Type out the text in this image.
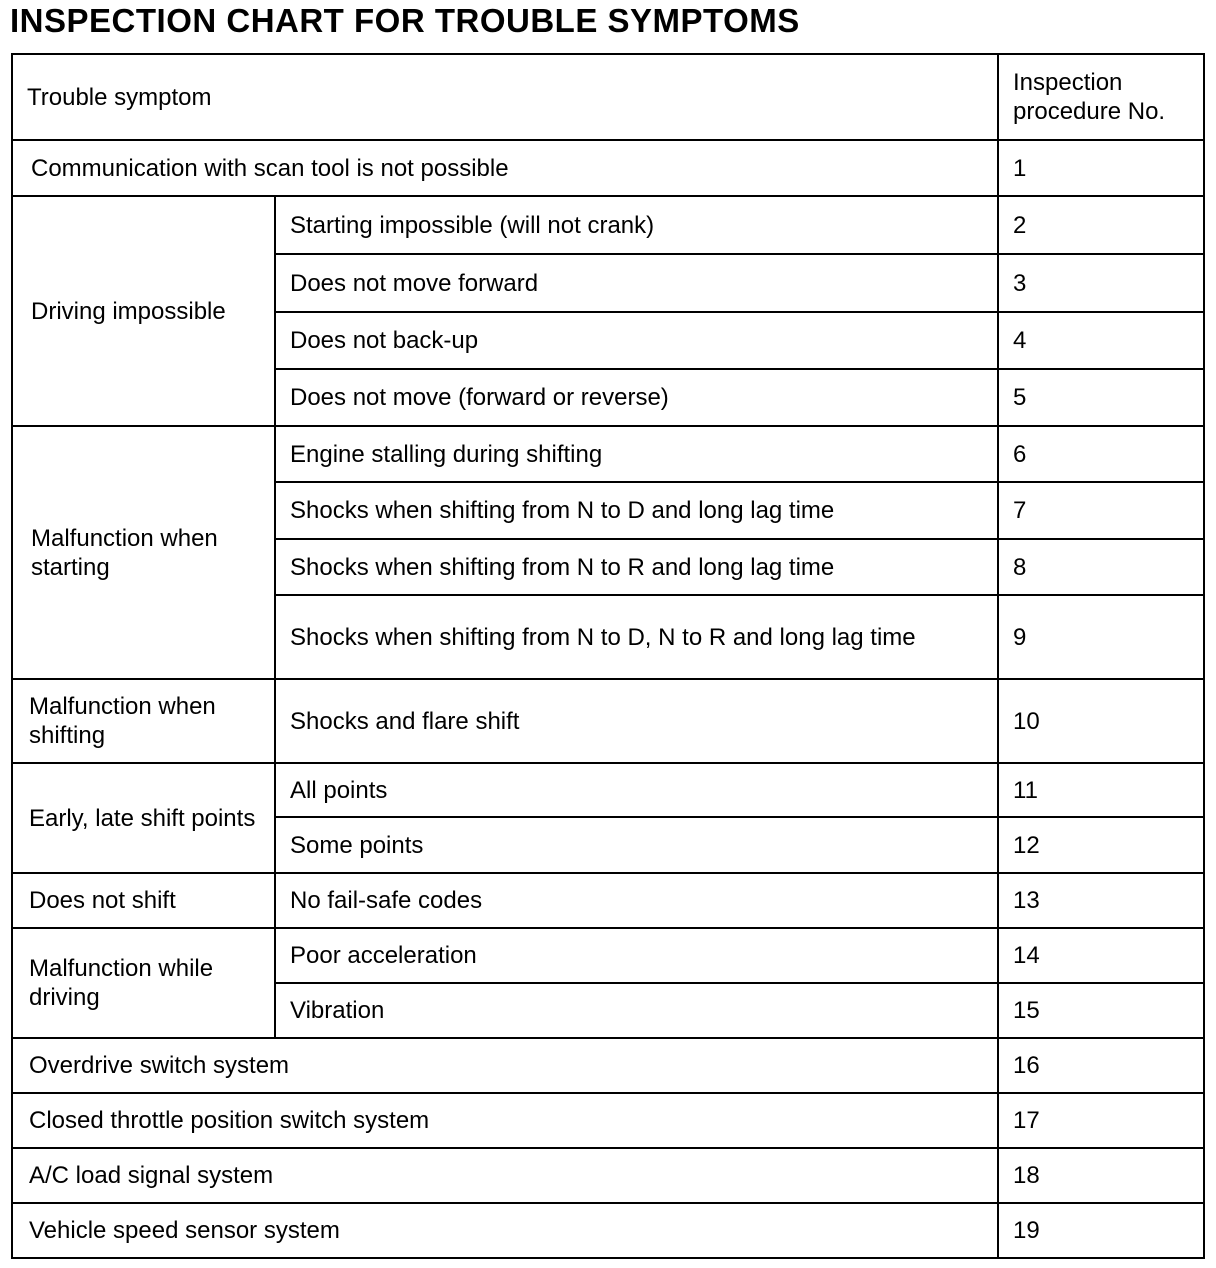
INSPECTION CHART FOR TROUBLE SYMPTOMS
Trouble symptom		Inspection procedure No.
Communication with scan tool is not possible		1
Driving impossible	Starting impossible (will not crank)	2
	Does not move forward	3
	Does not back-up	4
	Does not move (forward or reverse)	5
Malfunction when starting	Engine stalling during shifting	6
	Shocks when shifting from N to D and long lag time	7
	Shocks when shifting from N to R and long lag time	8
	Shocks when shifting from N to D, N to R and long lag time	9
Malfunction when shifting	Shocks and flare shift	10
Early, late shift points	All points	11
	Some points	12
Does not shift	No fail-safe codes	13
Malfunction while driving	Poor acceleration	14
	Vibration	15
Overdrive switch system		16
Closed throttle position switch system		17
A/C load signal system		18
Vehicle speed sensor system		19
